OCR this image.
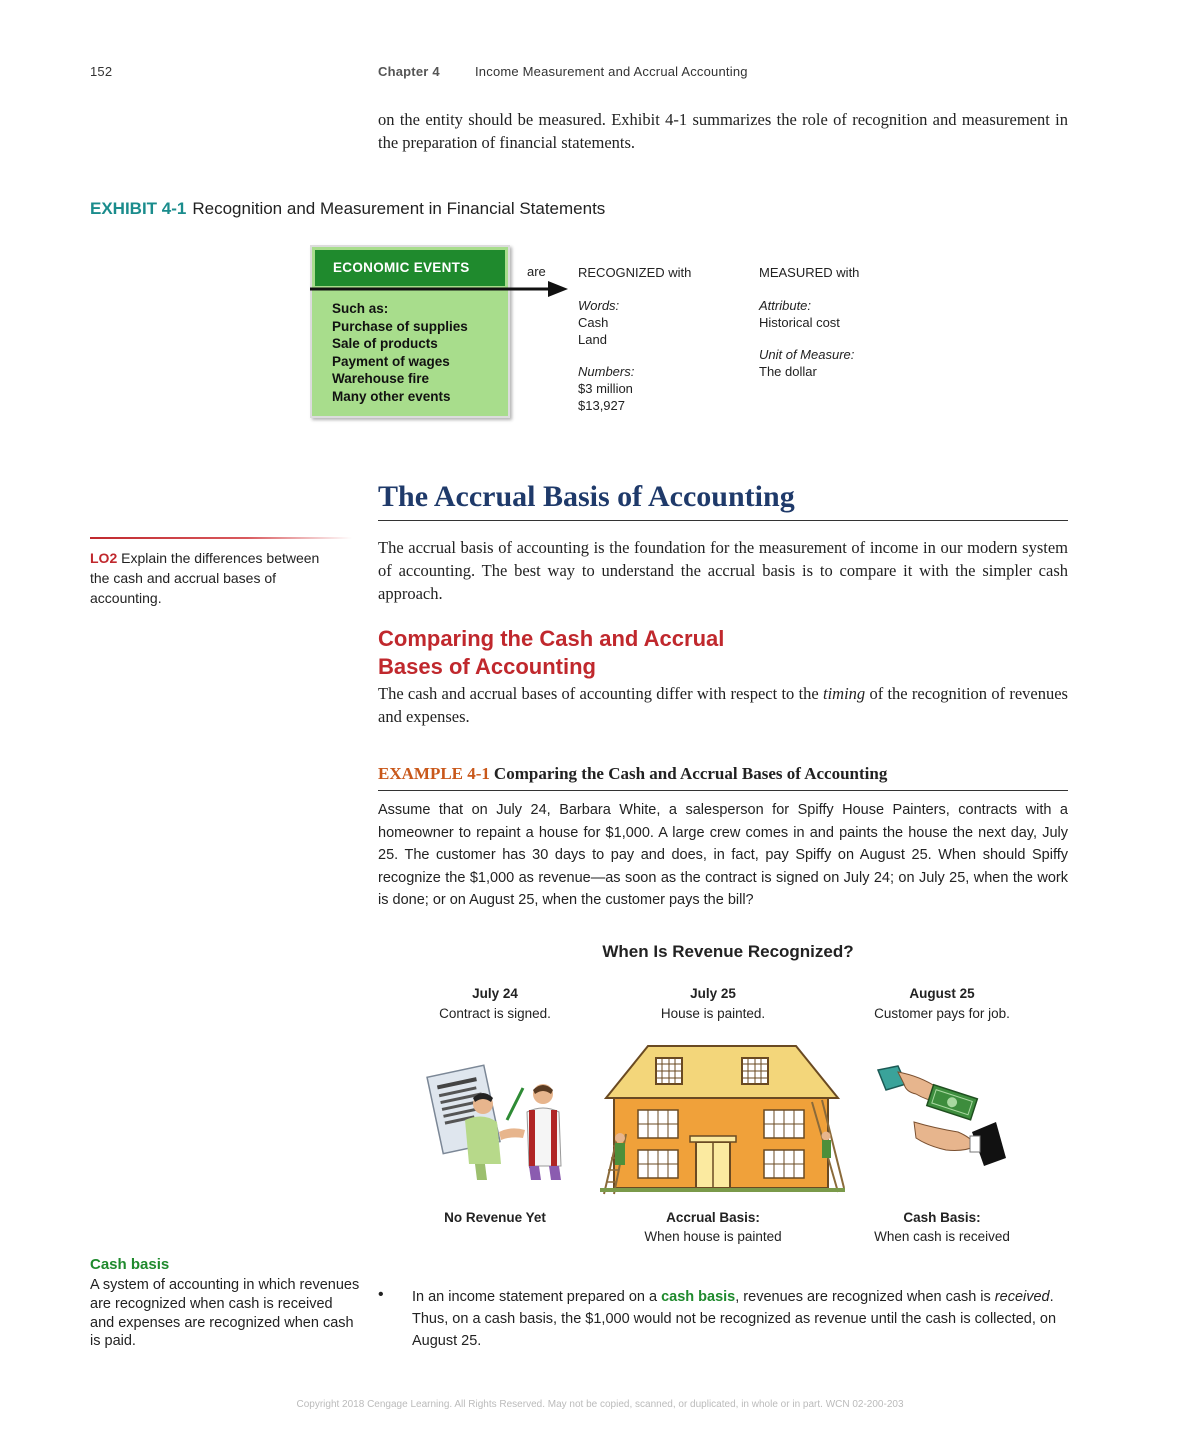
152	Chapter 4	Income Measurement and Accrual Accounting

on the entity should be measured. Exhibit 4-1 summarizes the role of recognition and measurement in the preparation of financial statements.

EXHIBIT 4-1 Recognition and Measurement in Financial Statements
ECONOMIC EVENTS
Such as:
Purchase of supplies
Sale of products
Payment of wages
Warehouse fire
Many other events
are RECOGNIZED with
Words:
Cash
Land
Numbers:
$3 million
$13,927
MEASURED with
Attribute:
Historical cost
Unit of Measure:
The dollar
The Accrual Basis of Accounting
LO2 Explain the differences between the cash and accrual bases of accounting.

The accrual basis of accounting is the foundation for the measurement of income in our modern system of accounting. The best way to understand the accrual basis is to compare it with the simpler cash approach.

Comparing the Cash and Accrual
Bases of Accounting

The cash and accrual bases of accounting differ with respect to the timing of the recognition of revenues and expenses.

EXAMPLE 4-1 Comparing the Cash and Accrual Bases of Accounting

Assume that on July 24, Barbara White, a salesperson for Spiffy House Painters, contracts with a homeowner to repaint a house for $1,000. A large crew comes in and paints the house the next day, July 25. The customer has 30 days to pay and does, in fact, pay Spiffy on August 25. When should Spiffy recognize the $1,000 as revenue—as soon as the contract is signed on July 24; on July 25, when the work is done; or on August 25, when the customer pays the bill?

When Is Revenue Recognized?
July 24
Contract is signed.
July 25
House is painted.
August 25
Customer pays for job.
No Revenue Yet	Accrual Basis:
When house is painted
Cash Basis:
When cash is received
Cash basis
A system of accounting in which revenues are recognized when cash is received and expenses are recognized when cash is paid.
• In an income statement prepared on a cash basis, revenues are recognized when cash is received. Thus, on a cash basis, the $1,000 would not be recognized as revenue until the cash is collected, on August 25.

Copyright 2018 Cengage Learning. All Rights Reserved. May not be copied, scanned, or duplicated, in whole or in part. WCN 02-200-203
